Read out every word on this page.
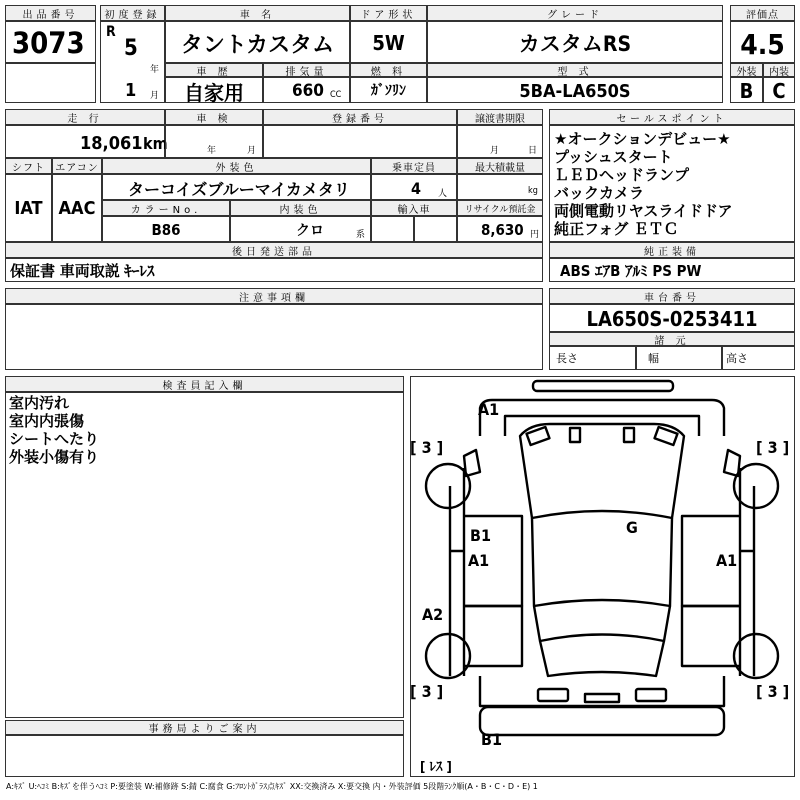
出品番号
3073
初度登録
R
5
年
1 月
車 名
タントカスタム
車 歴
自家用
排気量
660 CC
ドア形状
5W
燃 料
ｶﾞｿﾘﾝ
グレード
カスタムRS
型 式
5BA-LA650S
評価点
4.5
外装	内装
B C
走 行
18,061 km
車 検
年	月
登録番号	譲渡書期限
月	日
シフト	エアコン
IAT AAC
外装色
ターコイズブルーマイカメタリ
乗車定員
4 人
最大積載量
kg
カラーNo.
B86
内装色
クロ	系
輸入車	リサイクル預託金
8,630 円
後日発送部品
保証書 車両取説 ｷｰﾚｽ
セールスポイント
★オークションデビュー★
プッシュスタート
ＬＥＤヘッドランプ
バックカメラ
両側電動リヤスライドドア
純正フォグ ＥＴＣ
純正装備
ABS ｴｱB ｱﾙﾐ PS PW
注意事項欄	車台番号
LA650S-0253411
諸 元
長さ	幅	高さ
検査員記入欄
室内汚れ
室内内張傷
シートへたり
外装小傷有り
事務局よりご案内
A1
[ 3 ]	[ 3 ]
B1
A1
G
A1
A2
[ 3 ]	[ 3 ]
B1
[ ﾚｽ ]
A:ｷｽﾞ U:ﾍｺﾐ B:ｷｽﾞを伴うﾍｺﾐ P:要塗装 W:補修跡 S:錆 C:腐食 G:ﾌﾛﾝﾄｶﾞﾗｽ点ｷｽﾞ XX:交換済み X:要交換 内・外装評価 5段階ﾗﾝｸ順(A・B・C・D・E) 1
